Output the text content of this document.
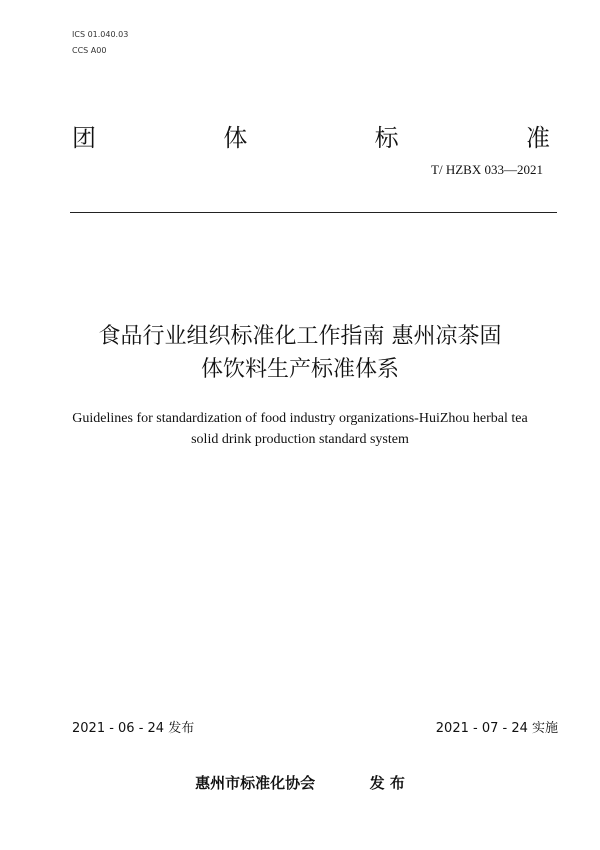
ICS 01.040.03
CCS A00
团	体	标	准
T/ HZBX 033—2021
食品行业组织标准化工作指南 惠州凉茶固
体饮料生产标准体系
Guidelines for standardization of food industry organizations-HuiZhou herbal tea
solid drink production standard system
2021 - 06 - 24 发布	2021 - 07 - 24 实施
惠州市标准化协会	发 布
